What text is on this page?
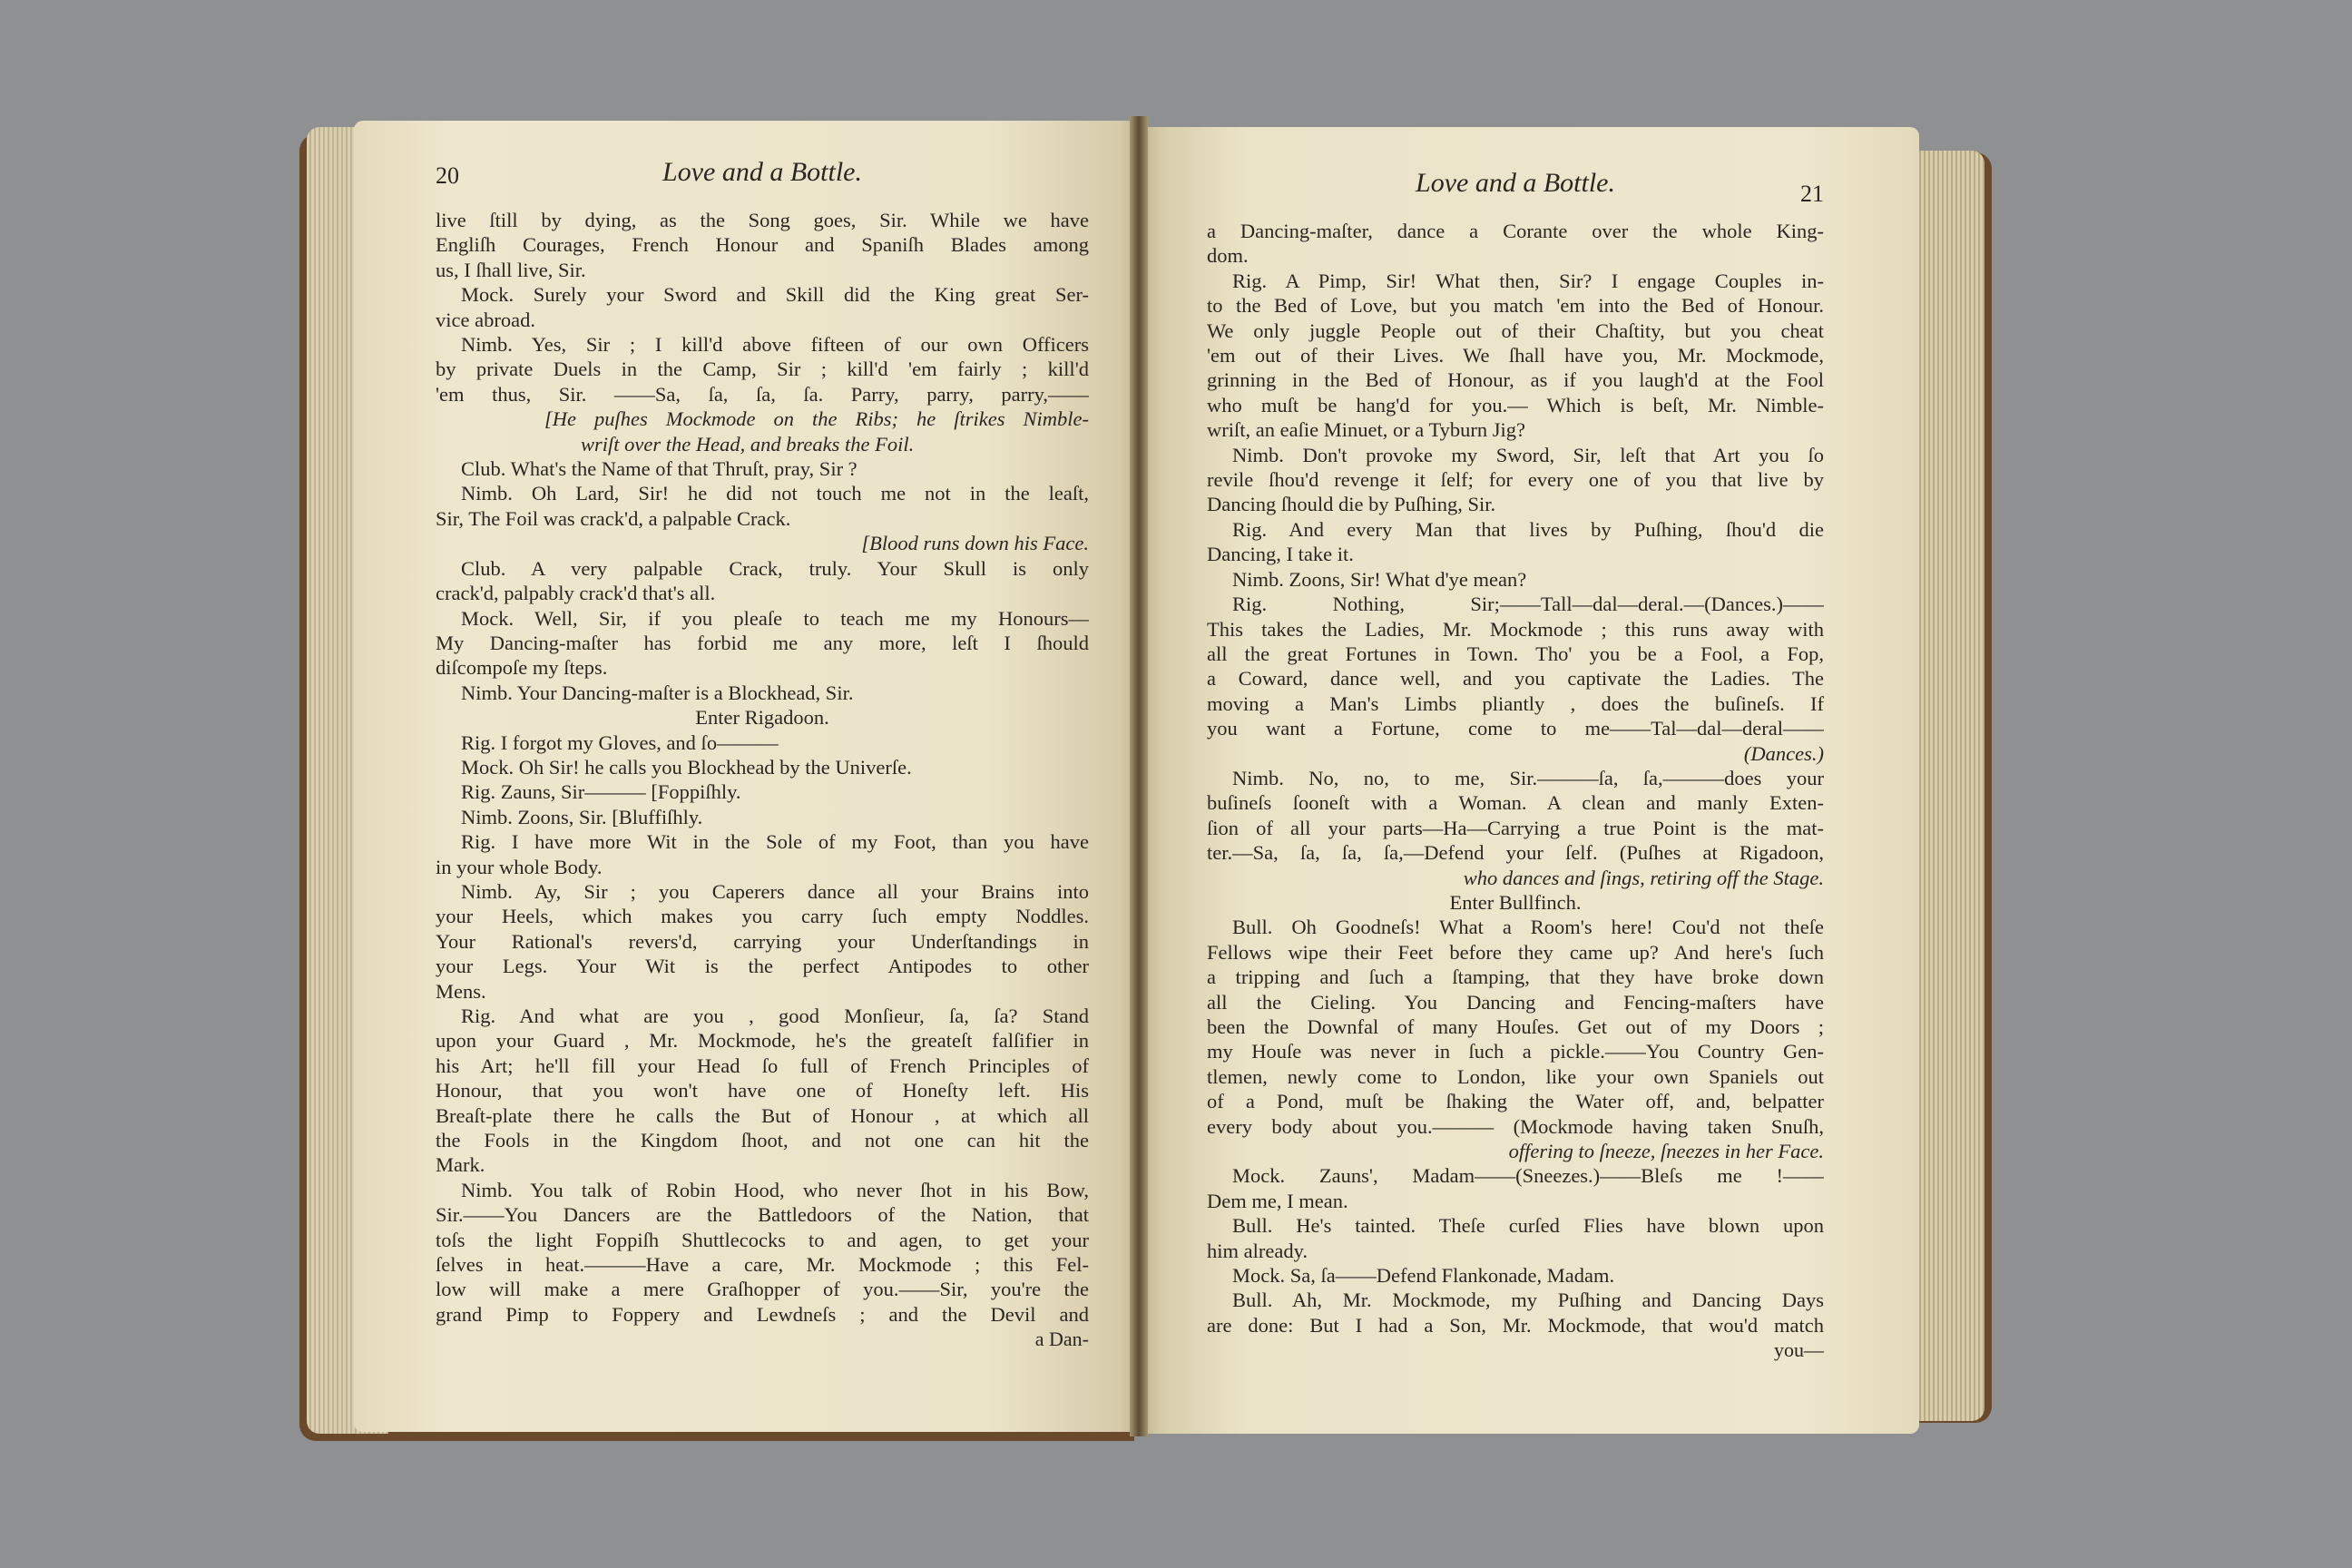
20	Love and a Bottle.
live ſtill by dying, as the Song goes, Sir. While we have
Engliſh Courages, French Honour and Spaniſh Blades among
us, I ſhall live, Sir.
Mock. Surely your Sword and Skill did the King great Ser-
vice abroad.
Nimb. Yes, Sir ; I kill'd above fifteen of our own Officers
by private Duels in the Camp, Sir ; kill'd 'em fairly ; kill'd
'em thus, Sir. ——Sa, ſa, ſa, ſa. Parry, parry, parry,——
[He puſhes Mockmode on the Ribs; he ſtrikes Nimble-
wriſt over the Head, and breaks the Foil.
Club. What's the Name of that Thruſt, pray, Sir ?
Nimb. Oh Lard, Sir! he did not touch me not in the leaſt,
Sir, The Foil was crack'd, a palpable Crack.
[Blood runs down his Face.
Club. A very palpable Crack, truly. Your Skull is only
crack'd, palpably crack'd that's all.
Mock. Well, Sir, if you pleaſe to teach me my Honours—
My Dancing-maſter has forbid me any more, leſt I ſhould
diſcompoſe my ſteps.
Nimb. Your Dancing-maſter is a Blockhead, Sir.
Enter Rigadoon.
Rig. I forgot my Gloves, and ſo———
Mock. Oh Sir! he calls you Blockhead by the Univerſe.
Rig. Zauns, Sir——— [Foppiſhly.
Nimb. Zoons, Sir. [Bluffiſhly.
Rig. I have more Wit in the Sole of my Foot, than you have
in your whole Body.
Nimb. Ay, Sir ; you Caperers dance all your Brains into
your Heels, which makes you carry ſuch empty Noddles.
Your Rational's revers'd, carrying your Underſtandings in
your Legs. Your Wit is the perfect Antipodes to other
Mens.
Rig. And what are you , good Monſieur, ſa, ſa? Stand
upon your Guard , Mr. Mockmode, he's the greateſt falſifier in
his Art; he'll fill your Head ſo full of French Principles of
Honour, that you won't have one of Honeſty left. His
Breaſt-plate there he calls the But of Honour , at which all
the Fools in the Kingdom ſhoot, and not one can hit the
Mark.
Nimb. You talk of Robin Hood, who never ſhot in his Bow,
Sir.——You Dancers are the Battledoors of the Nation, that
toſs the light Foppiſh Shuttlecocks to and agen, to get your
ſelves in heat.———Have a care, Mr. Mockmode ; this Fel-
low will make a mere Graſhopper of you.——Sir, you're the
grand Pimp to Foppery and Lewdneſs ; and the Devil and
a Dan-
Love and a Bottle.	21
a Dancing-maſter, dance a Corante over the whole King-
dom.
Rig. A Pimp, Sir! What then, Sir? I engage Couples in-
to the Bed of Love, but you match 'em into the Bed of Honour.
We only juggle People out of their Chaſtity, but you cheat
'em out of their Lives. We ſhall have you, Mr. Mockmode,
grinning in the Bed of Honour, as if you laugh'd at the Fool
who muſt be hang'd for you.— Which is beſt, Mr. Nimble-
wriſt, an eaſie Minuet, or a Tyburn Jig?
Nimb. Don't provoke my Sword, Sir, leſt that Art you ſo
revile ſhou'd revenge it ſelf; for every one of you that live by
Dancing ſhould die by Puſhing, Sir.
Rig. And every Man that lives by Puſhing, ſhou'd die
Dancing, I take it.
Nimb. Zoons, Sir! What d'ye mean?
Rig. Nothing, Sir;——Tall—dal—deral.—(Dances.)——
This takes the Ladies, Mr. Mockmode ; this runs away with
all the great Fortunes in Town. Tho' you be a Fool, a Fop,
a Coward, dance well, and you captivate the Ladies. The
moving a Man's Limbs pliantly , does the buſineſs. If
you want a Fortune, come to me——Tal—dal—deral——
(Dances.)
Nimb. No, no, to me, Sir.———ſa, ſa,———does your
buſineſs ſooneſt with a Woman. A clean and manly Exten-
ſion of all your parts—Ha—Carrying a true Point is the mat-
ter.—Sa, ſa, ſa, ſa,—Defend your ſelf. (Puſhes at Rigadoon,
who dances and ſings, retiring off the Stage.
Enter Bullfinch.
Bull. Oh Goodneſs! What a Room's here! Cou'd not theſe
Fellows wipe their Feet before they came up? And here's ſuch
a tripping and ſuch a ſtamping, that they have broke down
all the Cieling. You Dancing and Fencing-maſters have
been the Downfal of many Houſes. Get out of my Doors ;
my Houſe was never in ſuch a pickle.——You Country Gen-
tlemen, newly come to London, like your own Spaniels out
of a Pond, muſt be ſhaking the Water off, and, belpatter
every body about you.——— (Mockmode having taken Snuſh,
offering to ſneeze, ſneezes in her Face.
Mock. Zauns', Madam——(Sneezes.)——Bleſs me !——
Dem me, I mean.
Bull. He's tainted. Theſe curſed Flies have blown upon
him already.
Mock. Sa, ſa——Defend Flankonade, Madam.
Bull. Ah, Mr. Mockmode, my Puſhing and Dancing Days
are done: But I had a Son, Mr. Mockmode, that wou'd match
you—
